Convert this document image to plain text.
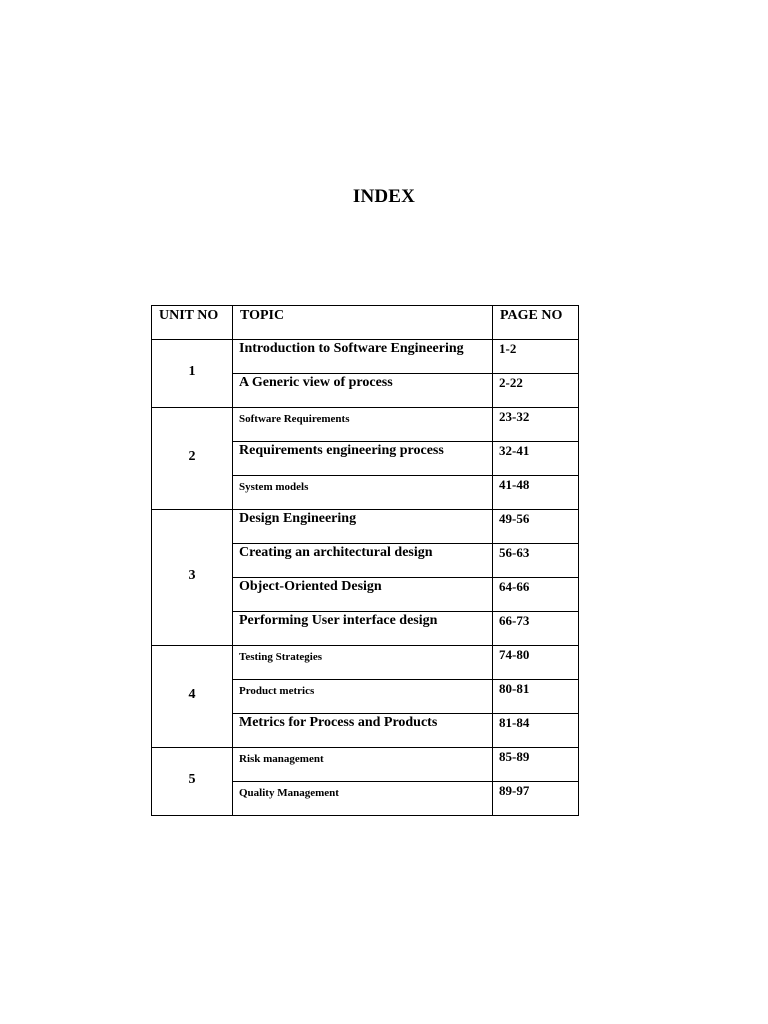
INDEX
UNIT NO	TOPIC	PAGE NO

1	Introduction to Software Engineering	1-2

	A Generic view of process	2-22

2	Software Requirements	23-32

	Requirements engineering process	32-41

	System models	41-48

3	Design Engineering	49-56

	Creating an architectural design	56-63

	Object-Oriented Design	64-66

	Performing User interface design	66-73

4	Testing Strategies	74-80

	Product metrics	80-81

	Metrics for Process and Products	81-84

5	Risk management	85-89

	Quality Management	89-97
